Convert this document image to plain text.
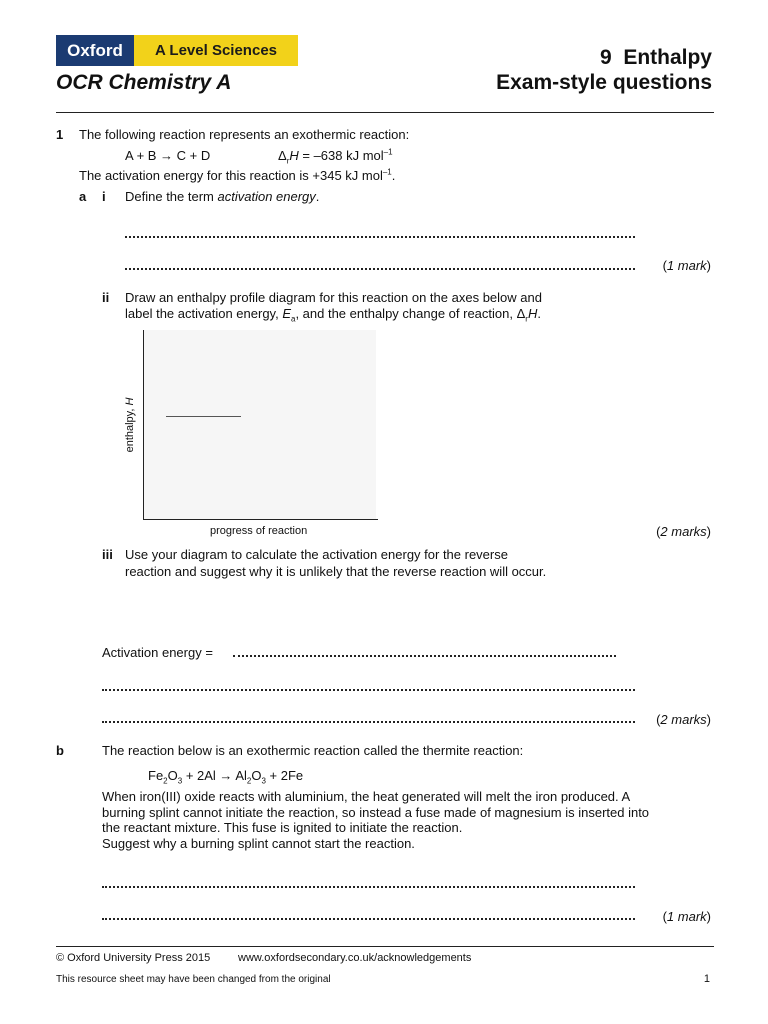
Oxford	A Level Sciences
OCR Chemistry A
9 Enthalpy
Exam-style questions
1 The following reaction represents an exothermic reaction:
A + B → C + D	$\Delta_rH = -638$ kJ mol$^{-1}$
The activation energy for this reaction is +345 kJ mol$^{-1}$.
a i Define the term activation energy.
(1 mark)
ii Draw an enthalpy profile diagram for this reaction on the axes below and
label the activation energy, $E_a$, and the enthalpy change of reaction, $\Delta_rH$.
enthalpy, H
progress of reaction	(2 marks)
iii Use your diagram to calculate the activation energy for the reverse
reaction and suggest why it is unlikely that the reverse reaction will occur.
Activation energy =
(2 marks)
b	The reaction below is an exothermic reaction called the thermite reaction:
$Fe_2O_3 + 2Al \to Al_2O_3 + 2Fe$
When iron(III) oxide reacts with aluminium, the heat generated will melt the iron produced. A
burning splint cannot initiate the reaction, so instead a fuse made of magnesium is inserted into
the reactant mixture. This fuse is ignited to initiate the reaction.
Suggest why a burning splint cannot start the reaction.
(1 mark)
© Oxford University Press 2015	www.oxfordsecondary.co.uk/acknowledgements
This resource sheet may have been changed from the original	1
